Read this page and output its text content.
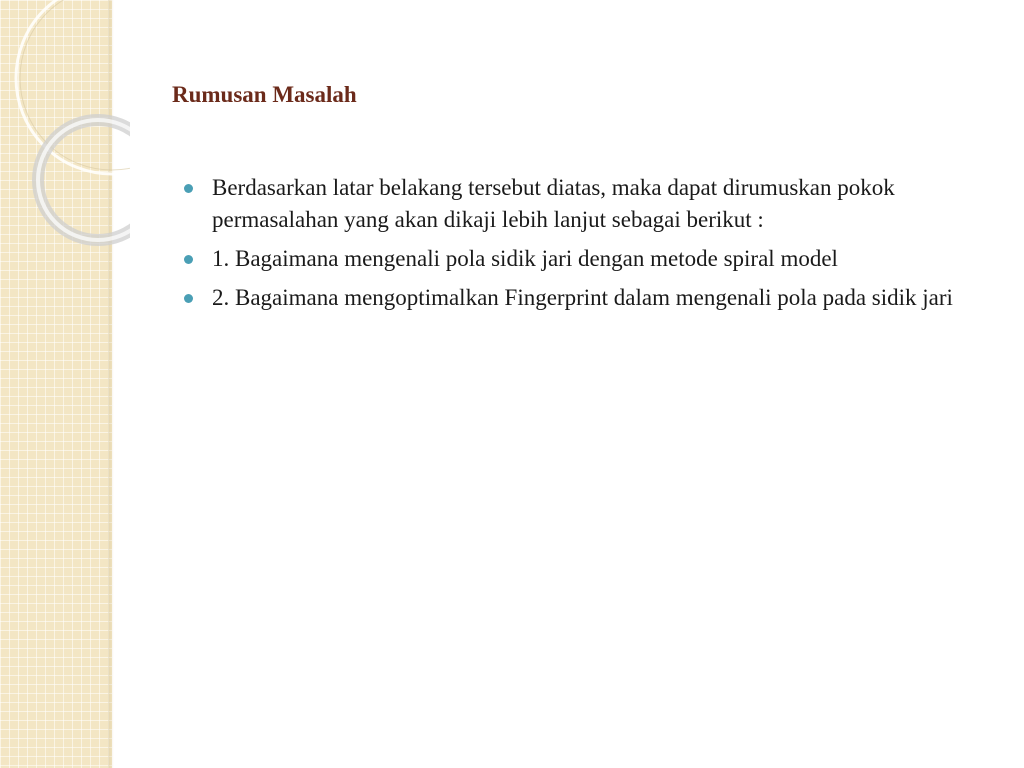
Rumusan Masalah
Berdasarkan latar belakang tersebut diatas, maka dapat dirumuskan pokok permasalahan yang akan dikaji lebih lanjut sebagai berikut :
1. Bagaimana mengenali pola sidik jari dengan metode spiral model
2. Bagaimana mengoptimalkan Fingerprint dalam mengenali pola pada sidik jari
